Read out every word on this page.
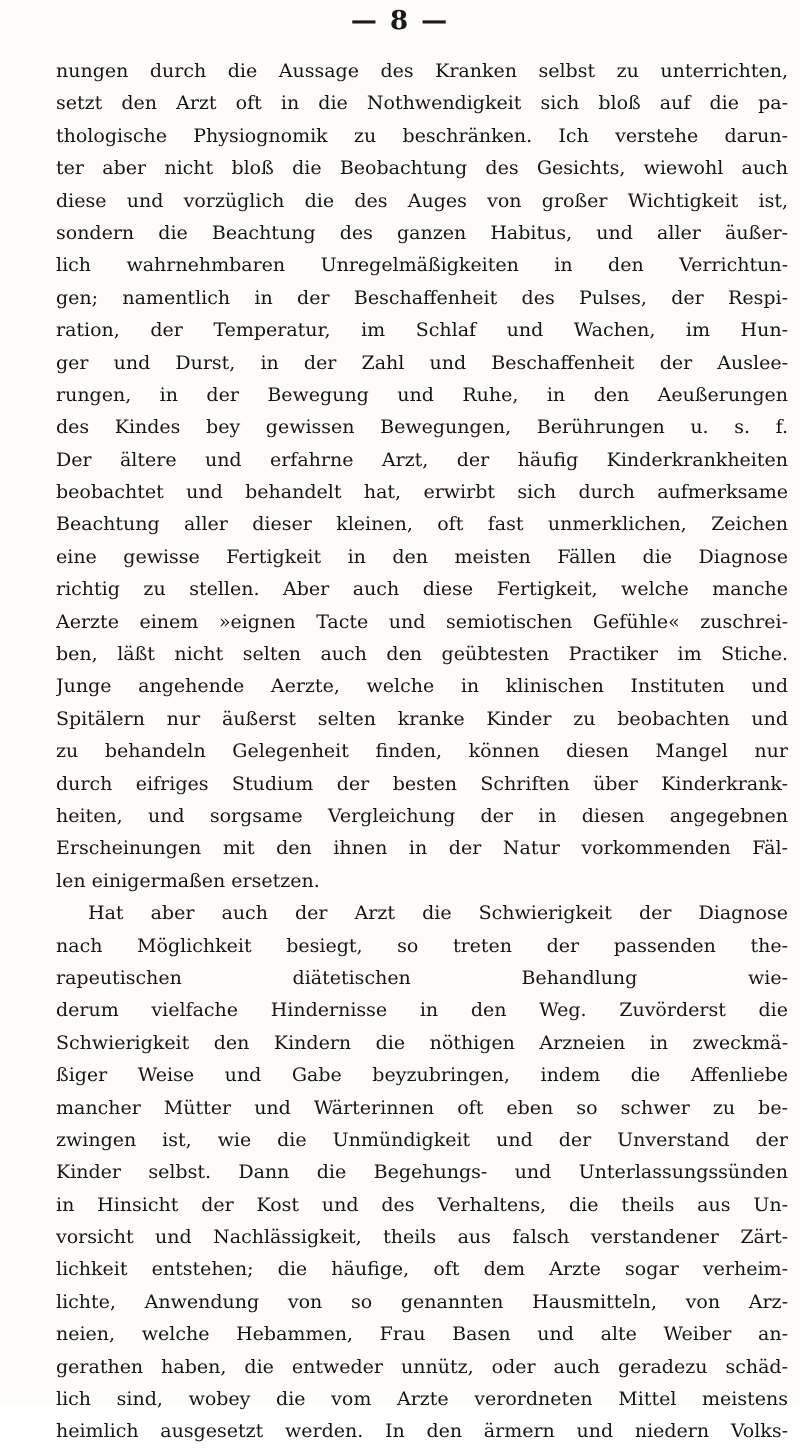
— 8 —
nungen durch die Aussage des Kranken selbst zu unterrichten,
setzt den Arzt oft in die Nothwendigkeit sich bloß auf die pa-
thologische Physiognomik zu beschränken. Ich verstehe darun-
ter aber nicht bloß die Beobachtung des Gesichts, wiewohl auch
diese und vorzüglich die des Auges von großer Wichtigkeit ist,
sondern die Beachtung des ganzen Habitus, und aller äußer-
lich wahrnehmbaren Unregelmäßigkeiten in den Verrichtun-
gen; namentlich in der Beschaffenheit des Pulses, der Respi-
ration, der Temperatur, im Schlaf und Wachen, im Hun-
ger und Durst, in der Zahl und Beschaffenheit der Auslee-
rungen, in der Bewegung und Ruhe, in den Aeußerungen
des Kindes bey gewissen Bewegungen, Berührungen u. s. f.
Der ältere und erfahrne Arzt, der häufig Kinderkrankheiten
beobachtet und behandelt hat, erwirbt sich durch aufmerksame
Beachtung aller dieser kleinen, oft fast unmerklichen, Zeichen
eine gewisse Fertigkeit in den meisten Fällen die Diagnose
richtig zu stellen. Aber auch diese Fertigkeit, welche manche
Aerzte einem »eignen Tacte und semiotischen Gefühle« zuschrei-
ben, läßt nicht selten auch den geübtesten Practiker im Stiche.
Junge angehende Aerzte, welche in klinischen Instituten und
Spitälern nur äußerst selten kranke Kinder zu beobachten und
zu behandeln Gelegenheit finden, können diesen Mangel nur
durch eifriges Studium der besten Schriften über Kinderkrank-
heiten, und sorgsame Vergleichung der in diesen angegebnen
Erscheinungen mit den ihnen in der Natur vorkommenden Fäl-
len einigermaßen ersetzen.
Hat aber auch der Arzt die Schwierigkeit der Diagnose
nach Möglichkeit besiegt, so treten der passenden the-
rapeutischen diätetischen Behandlung wie-
derum vielfache Hindernisse in den Weg. Zuvörderst die
Schwierigkeit den Kindern die nöthigen Arzneien in zweckmä-
ßiger Weise und Gabe beyzubringen, indem die Affenliebe
mancher Mütter und Wärterinnen oft eben so schwer zu be-
zwingen ist, wie die Unmündigkeit und der Unverstand der
Kinder selbst. Dann die Begehungs- und Unterlassungssünden
in Hinsicht der Kost und des Verhaltens, die theils aus Un-
vorsicht und Nachlässigkeit, theils aus falsch verstandener Zärt-
lichkeit entstehen; die häufige, oft dem Arzte sogar verheim-
lichte, Anwendung von so genannten Hausmitteln, von Arz-
neien, welche Hebammen, Frau Basen und alte Weiber an-
gerathen haben, die entweder unnütz, oder auch geradezu schäd-
lich sind, wobey die vom Arzte verordneten Mittel meistens
heimlich ausgesetzt werden. In den ärmern und niedern Volks-
